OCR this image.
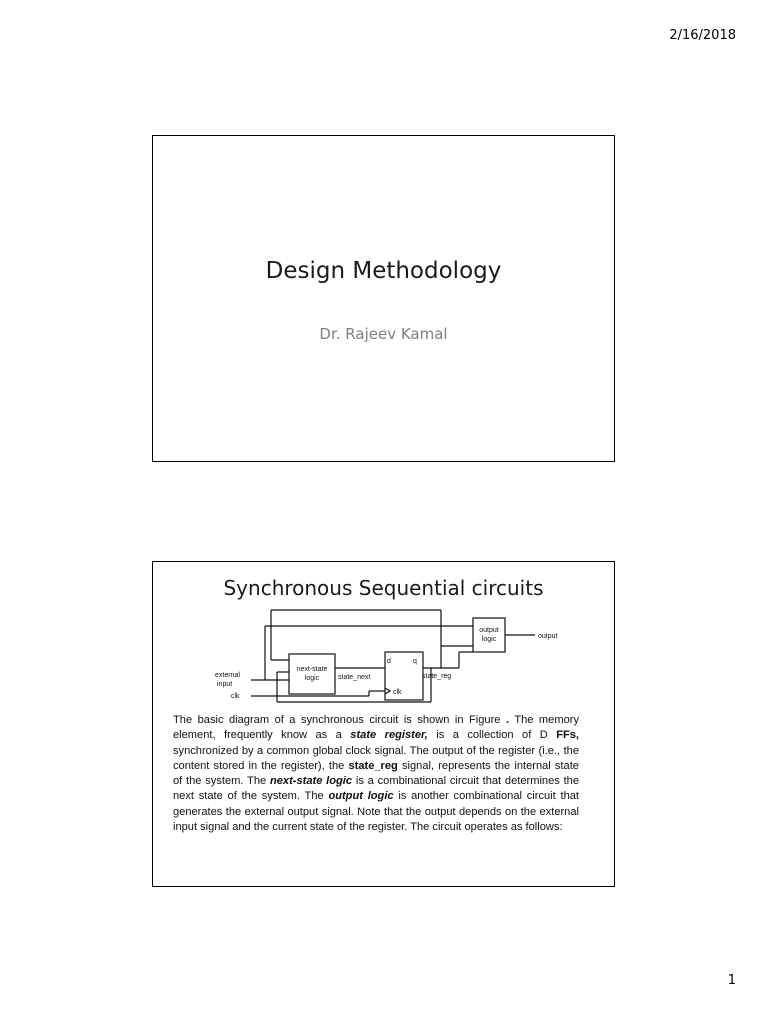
2/16/2018
Design Methodology
Dr. Rajeev Kamal
Synchronous Sequential circuits
output
logic	output
next-state
logic
external
input
clk
d	q
clk
state_next	state_reg
The basic diagram of a synchronous circuit is shown in Figure . The memory element, frequently know as a state register, is a collection of D FFs, synchronized by a common global clock signal. The output of the register (i.e., the content stored in the register), the state_reg signal, represents the internal state of the system. The next-state logic is a combinational circuit that determines the next state of the system. The output logic is another combinational circuit that generates the external output signal. Note that the output depends on the external input signal and the current state of the register. The circuit operates as follows:
1
